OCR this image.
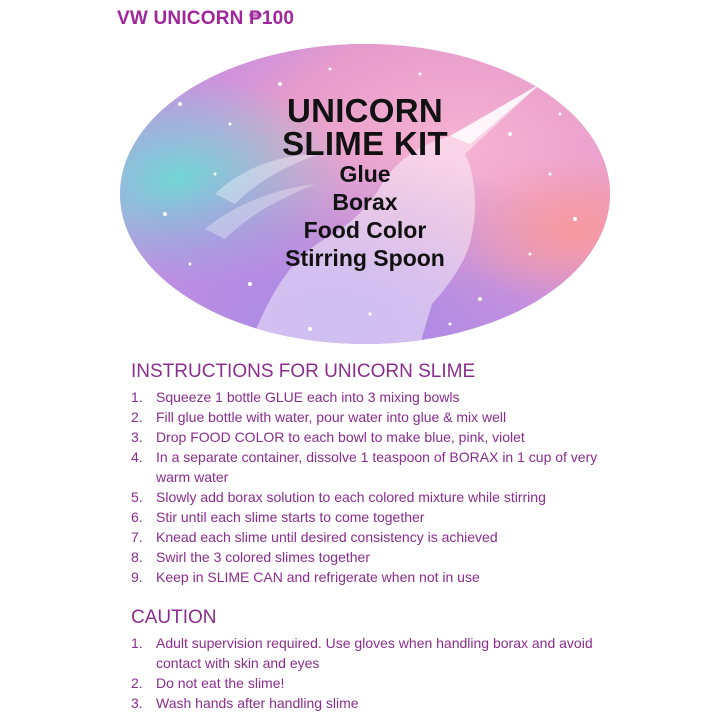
VW UNICORN ₱100
UNICORN
SLIME KIT
Glue
Borax
Food Color
Stirring Spoon
INSTRUCTIONS FOR UNICORN SLIME
1. Squeeze 1 bottle GLUE each into 3 mixing bowls
2. Fill glue bottle with water, pour water into glue & mix well
3. Drop FOOD COLOR to each bowl to make blue, pink, violet
4. In a separate container, dissolve 1 teaspoon of BORAX in 1 cup of very warm water
5. Slowly add borax solution to each colored mixture while stirring
6. Stir until each slime starts to come together
7. Knead each slime until desired consistency is achieved
8. Swirl the 3 colored slimes together
9. Keep in SLIME CAN and refrigerate when not in use
CAUTION
1. Adult supervision required. Use gloves when handling borax and avoid contact with skin and eyes
2. Do not eat the slime!
3. Wash hands after handling slime
